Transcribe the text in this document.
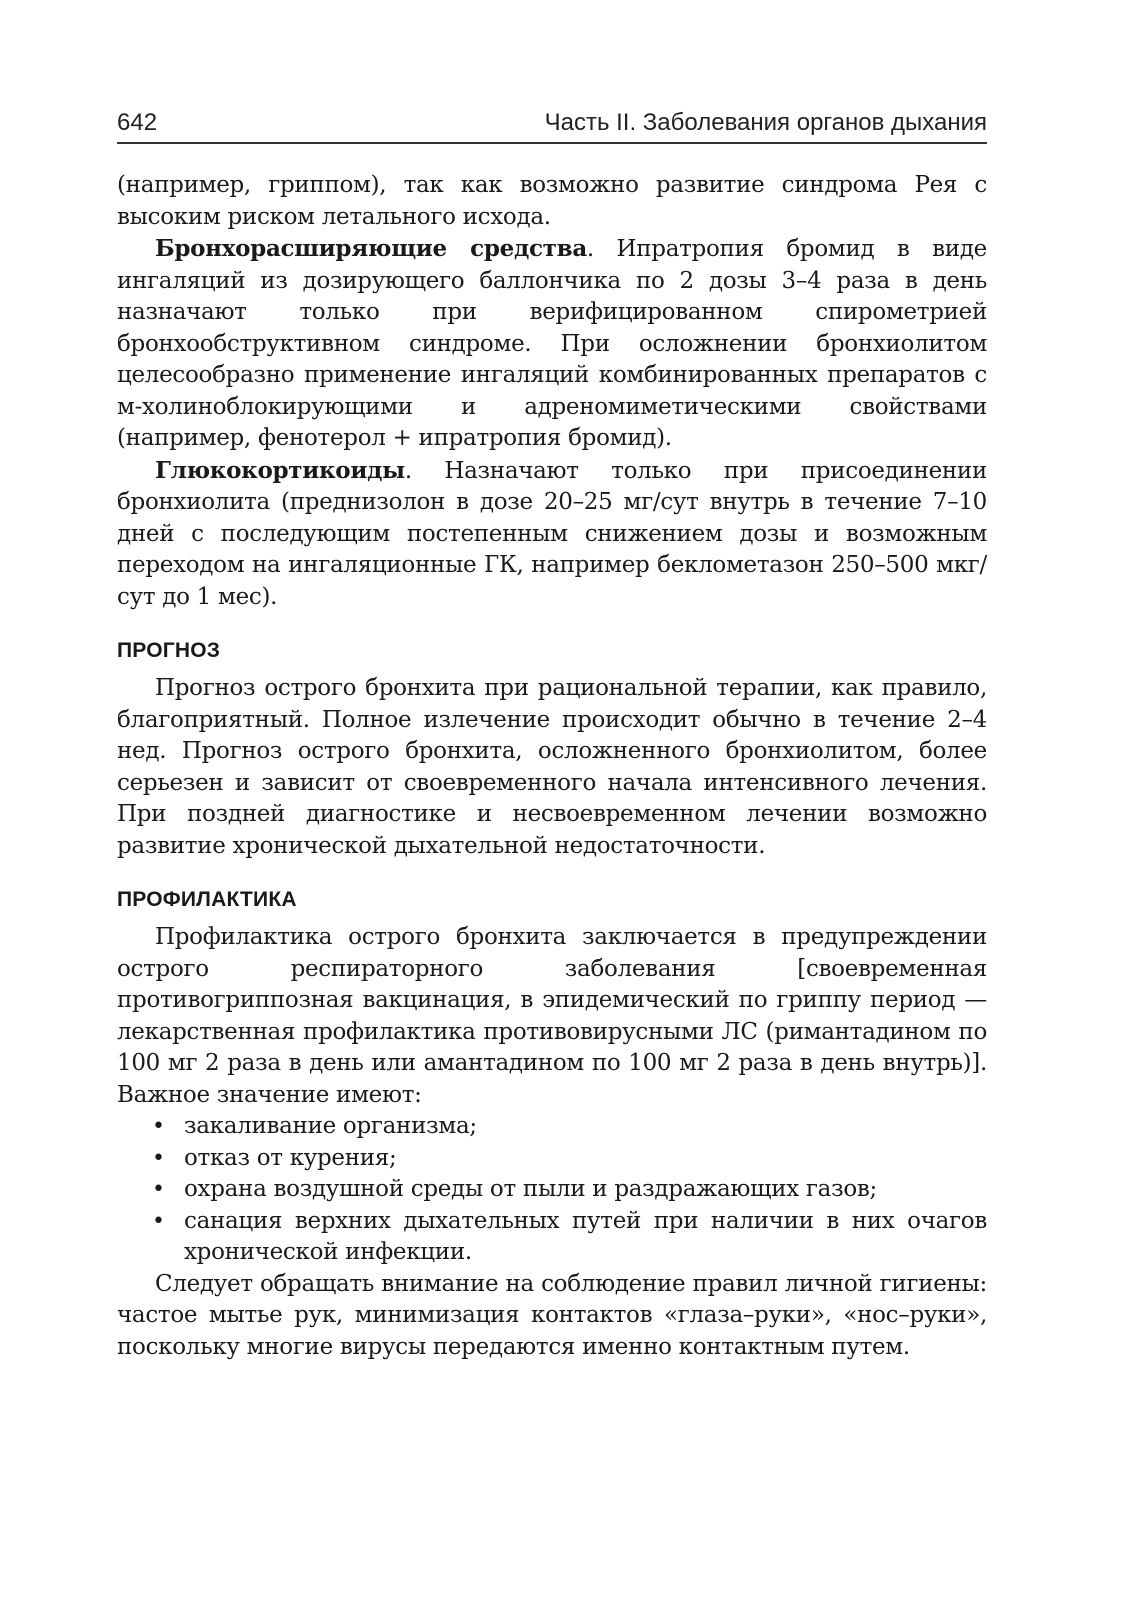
642	Часть II. Заболевания органов дыхания

(например, гриппом), так как возможно развитие синдрома Рея с высоким риском летального исхода.

Бронхорасширяющие средства. Ипратропия бромид в виде ингаляций из дозирующего баллончика по 2 дозы 3–4 раза в день назначают только при верифицированном спирометрией бронхообструктивном синдроме. При осложнении бронхиолитом целесообразно применение ингаляций комбинированных препаратов с м-холиноблокирующими и адреномиметическими свойствами (например, фенотерол + ипратропия бромид).

Глюкокортикоиды. Назначают только при присоединении бронхиолита (преднизолон в дозе 20–25 мг/сут внутрь в течение 7–10 дней с последующим постепенным снижением дозы и возможным переходом на ингаляционные ГК, например беклометазон 250–500 мкг/сут до 1 мес).

ПРОГНОЗ

Прогноз острого бронхита при рациональной терапии, как правило, благоприятный. Полное излечение происходит обычно в течение 2–4 нед. Прогноз острого бронхита, осложненного бронхиолитом, более серьезен и зависит от своевременного начала интенсивного лечения. При поздней диагностике и несвоевременном лечении возможно развитие хронической дыхательной недостаточности.

ПРОФИЛАКТИКА

Профилактика острого бронхита заключается в предупреждении острого респираторного заболевания [своевременная противогриппозная вакцинация, в эпидемический по гриппу период — лекарственная профилактика противовирусными ЛС (римантадином по 100 мг 2 раза в день или амантадином по 100 мг 2 раза в день внутрь)]. Важное значение имеют:

• закаливание организма;
• отказ от курения;
• охрана воздушной среды от пыли и раздражающих газов;
• санация верхних дыхательных путей при наличии в них очагов хронической инфекции.

Следует обращать внимание на соблюдение правил личной гигиены: частое мытье рук, минимизация контактов «глаза–руки», «нос–руки», поскольку многие вирусы передаются именно контактным путем.
